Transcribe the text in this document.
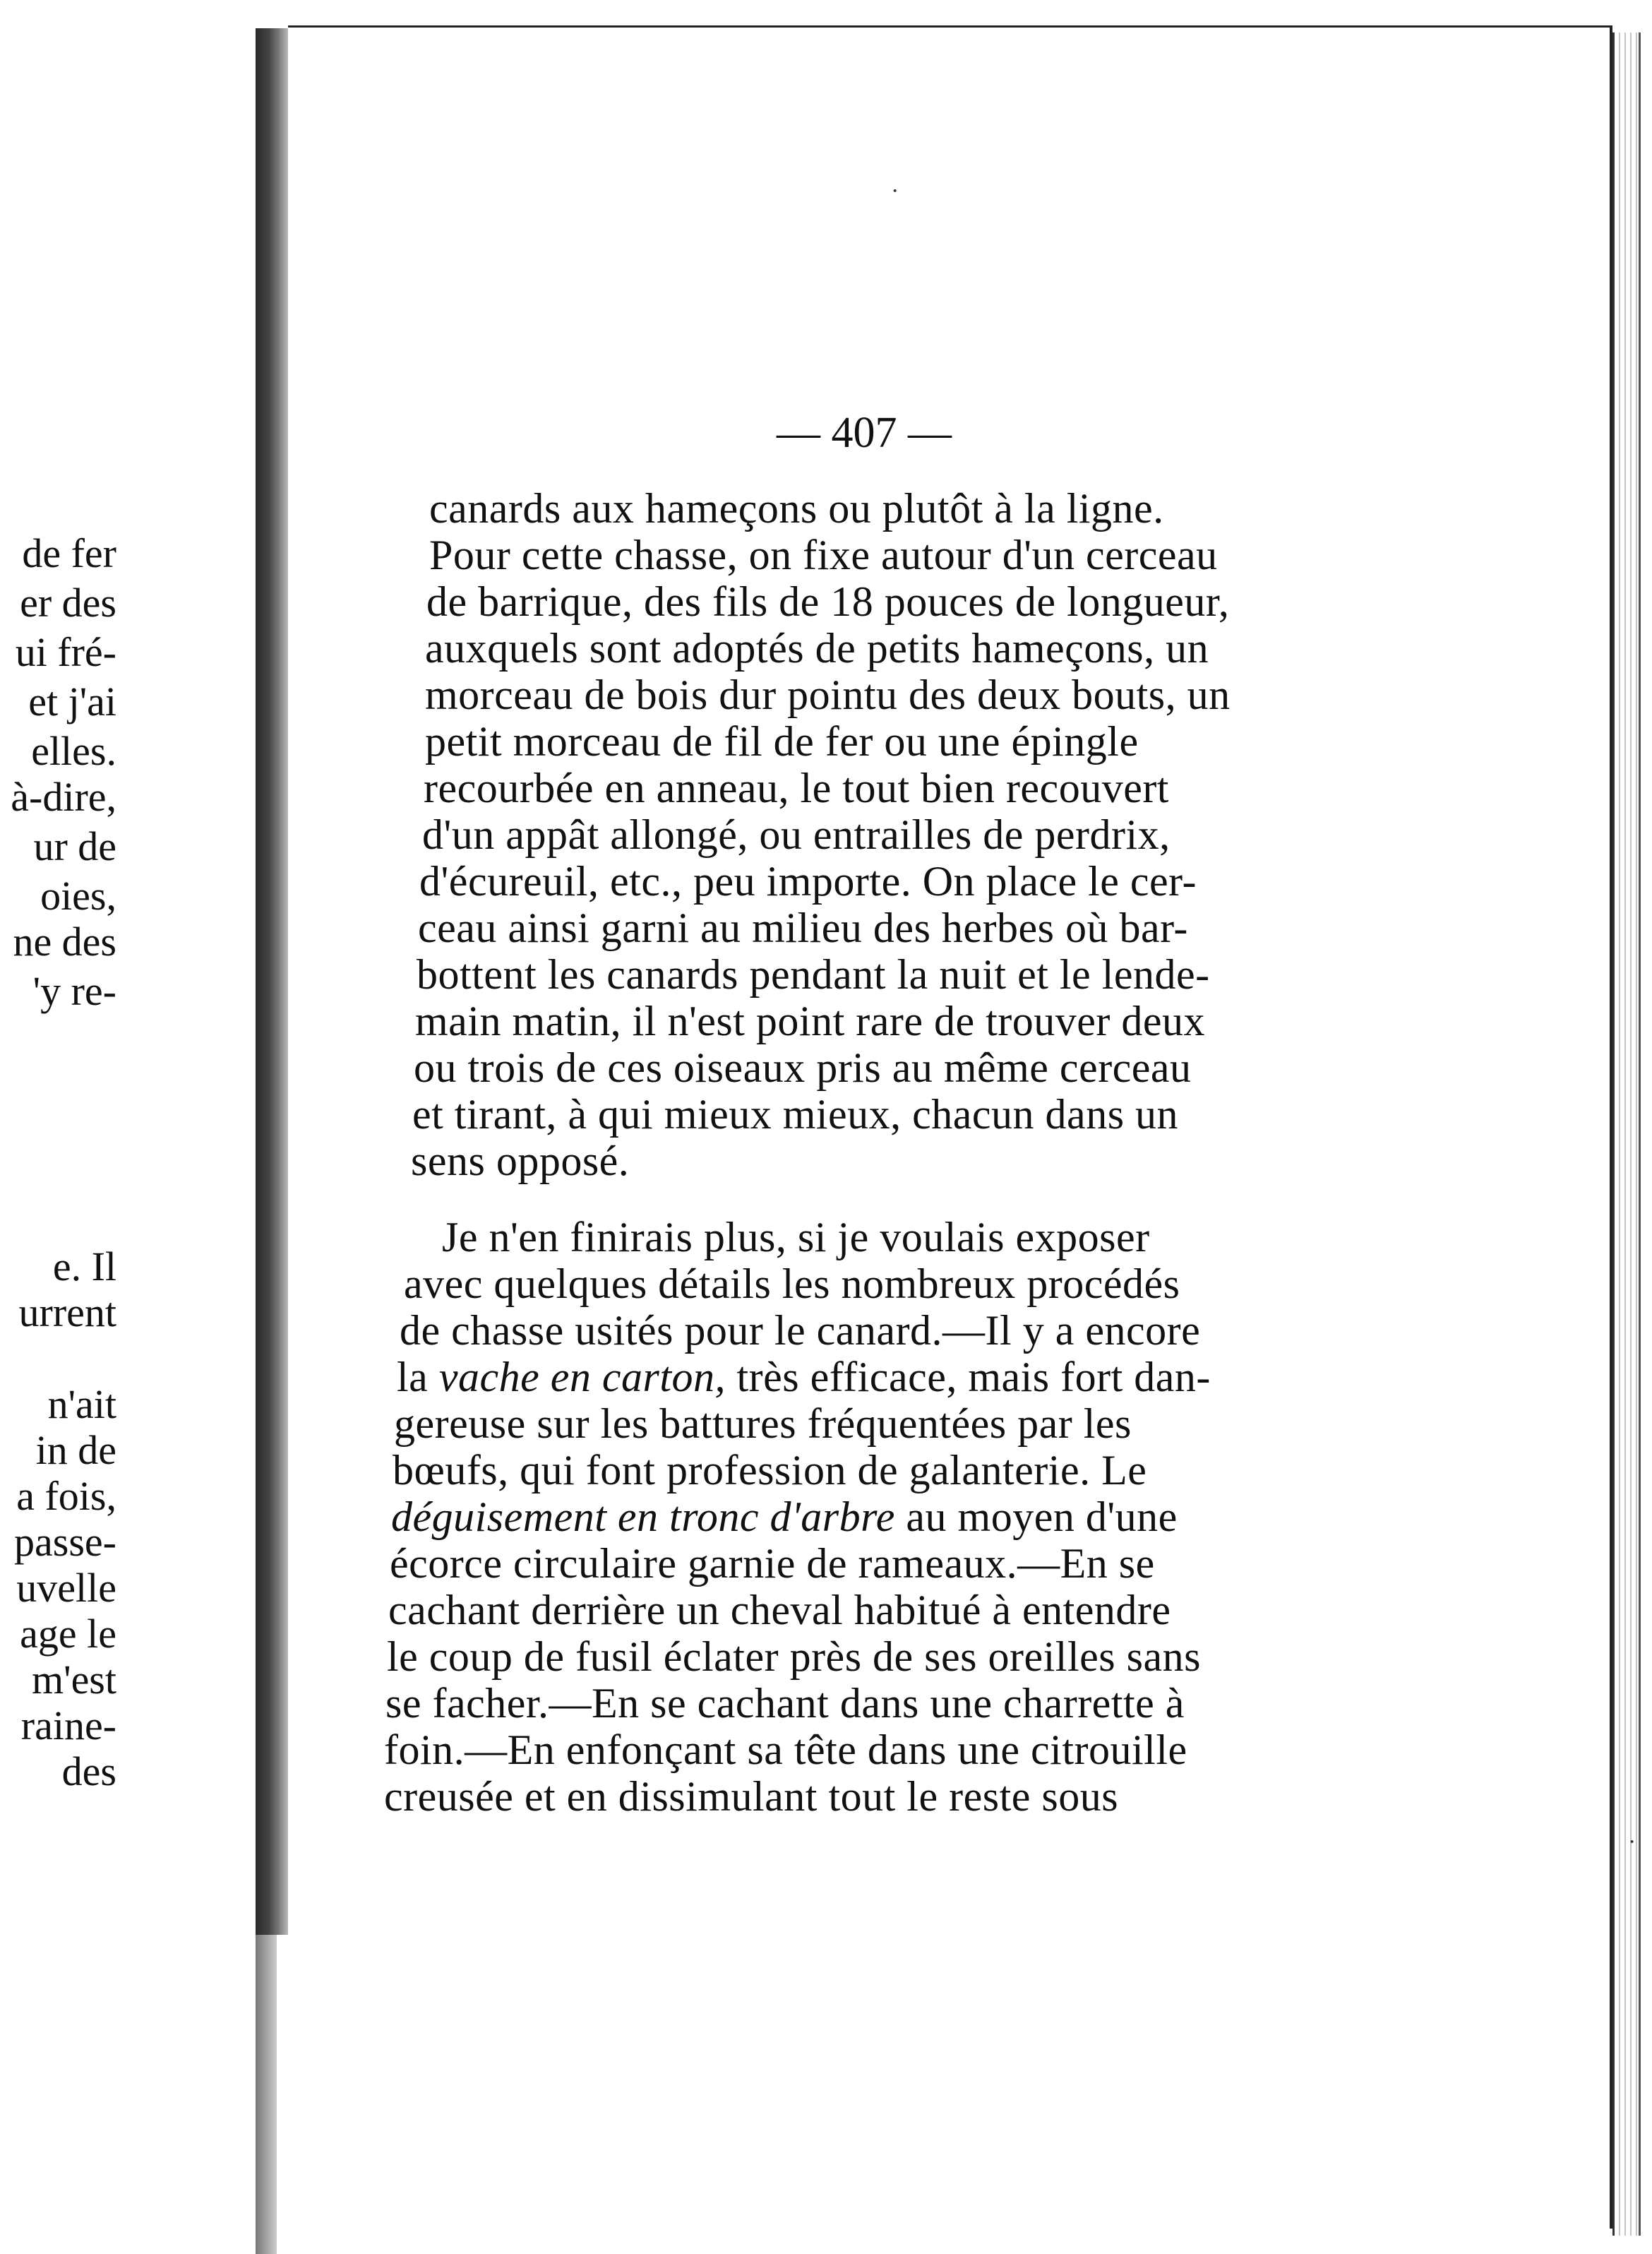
de fer
er des
ui fré-
et j'ai
elles.
à-dire,
ur de
oies,
ne des
'y re-
e. Il
urrent
n'ait
in de
a fois,
passe-
uvelle
age le
m'est
raine-
des
— 407 —
canards aux hameçons ou plutôt à la ligne.
Pour cette chasse, on fixe autour d'un cerceau
de barrique, des fils de 18 pouces de longueur,
auxquels sont adoptés de petits hameçons, un
morceau de bois dur pointu des deux bouts, un
petit morceau de fil de fer ou une épingle
recourbée en anneau, le tout bien recouvert
d'un appât allongé, ou entrailles de perdrix,
d'écureuil, etc., peu importe. On place le cer-
ceau ainsi garni au milieu des herbes où bar-
bottent les canards pendant la nuit et le lende-
main matin, il n'est point rare de trouver deux
ou trois de ces oiseaux pris au même cerceau
et tirant, à qui mieux mieux, chacun dans un
sens opposé.
Je n'en finirais plus, si je voulais exposer
avec quelques détails les nombreux procédés
de chasse usités pour le canard.—Il y a encore
la vache en carton, très efficace, mais fort dan-
gereuse sur les battures fréquentées par les
bœufs, qui font profession de galanterie. Le
déguisement en tronc d'arbre au moyen d'une
écorce circulaire garnie de rameaux.—En se
cachant derrière un cheval habitué à entendre
le coup de fusil éclater près de ses oreilles sans
se facher.—En se cachant dans une charrette à
foin.—En enfonçant sa tête dans une citrouille
creusée et en dissimulant tout le reste sous
·
·
